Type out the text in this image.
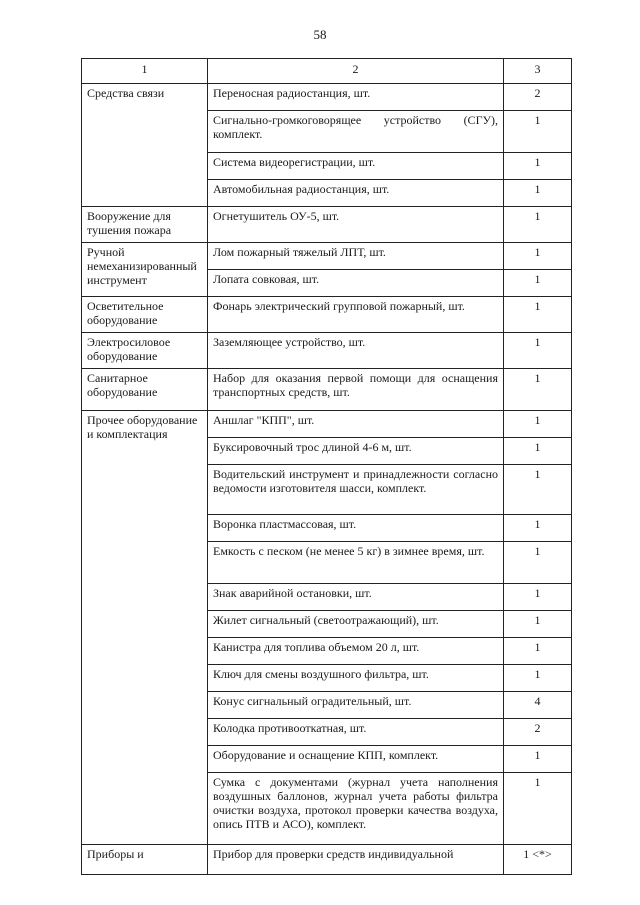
58
1	2	3
Средства связи	Переносная радиостанция, шт.	2
	Сигнально-громкоговорящее устройство (СГУ), комплект.	1
	Система видеорегистрации, шт.	1
	Автомобильная радиостанция, шт.	1
Вооружение для тушения пожара	Огнетушитель ОУ-5, шт.	1
Ручной немеханизированный инструмент	Лом пожарный тяжелый ЛПТ, шт.	1
	Лопата совковая, шт.	1
Осветительное оборудование	Фонарь электрический групповой пожарный, шт.	1
Электросиловое оборудование	Заземляющее устройство, шт.	1
Санитарное оборудование	Набор для оказания первой помощи для оснащения транспортных средств, шт.	1
Прочее оборудование и комплектация	Аншлаг "КПП", шт.	1
	Буксировочный трос длиной 4-6 м, шт.	1
	Водительский инструмент и принадлежности согласно ведомости изготовителя шасси, комплект.	1
	Воронка пластмассовая, шт.	1
	Емкость с песком (не менее 5 кг) в зимнее время, шт.	1
	Знак аварийной остановки, шт.	1
	Жилет сигнальный (светоотражающий), шт.	1
	Канистра для топлива объемом 20 л, шт.	1
	Ключ для смены воздушного фильтра, шт.	1
	Конус сигнальный оградительный, шт.	4
	Колодка противооткатная, шт.	2
	Оборудование и оснащение КПП, комплект.	1
	Сумка с документами (журнал учета наполнения воздушных баллонов, журнал учета работы фильтра очистки воздуха, протокол проверки качества воздуха, опись ПТВ и АСО), комплект.	1
Приборы и	Прибор для проверки средств индивидуальной	1 <*>
